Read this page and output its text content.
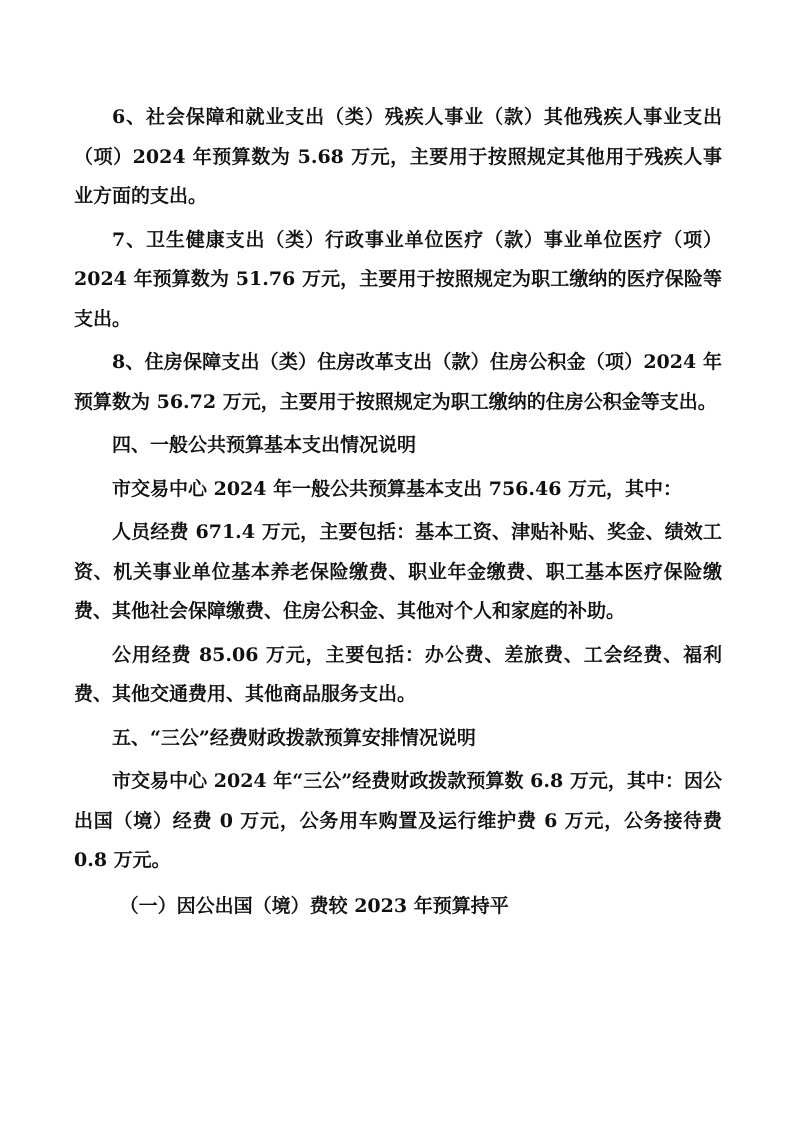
6、社会保障和就业支出（类）残疾人事业（款）其他残疾人事业支出（项）2024 年预算数为 5.68 万元，主要用于按照规定其他用于残疾人事业方面的支出。

7、卫生健康支出（类）行政事业单位医疗（款）事业单位医疗（项）2024 年预算数为 51.76 万元，主要用于按照规定为职工缴纳的医疗保险等支出。

8、住房保障支出（类）住房改革支出（款）住房公积金（项）2024 年预算数为 56.72 万元，主要用于按照规定为职工缴纳的住房公积金等支出。

四、一般公共预算基本支出情况说明

市交易中心 2024 年一般公共预算基本支出 756.46 万元，其中：

人员经费 671.4 万元，主要包括：基本工资、津贴补贴、奖金、绩效工资、机关事业单位基本养老保险缴费、职业年金缴费、职工基本医疗保险缴费、其他社会保障缴费、住房公积金、其他对个人和家庭的补助。

公用经费 85.06 万元，主要包括：办公费、差旅费、工会经费、福利费、其他交通费用、其他商品服务支出。

五、“三公”经费财政拨款预算安排情况说明

市交易中心 2024 年“三公”经费财政拨款预算数 6.8 万元，其中：因公出国（境）经费 0 万元，公务用车购置及运行维护费 6 万元，公务接待费 0.8 万元。

（一）因公出国（境）费较 2023 年预算持平
